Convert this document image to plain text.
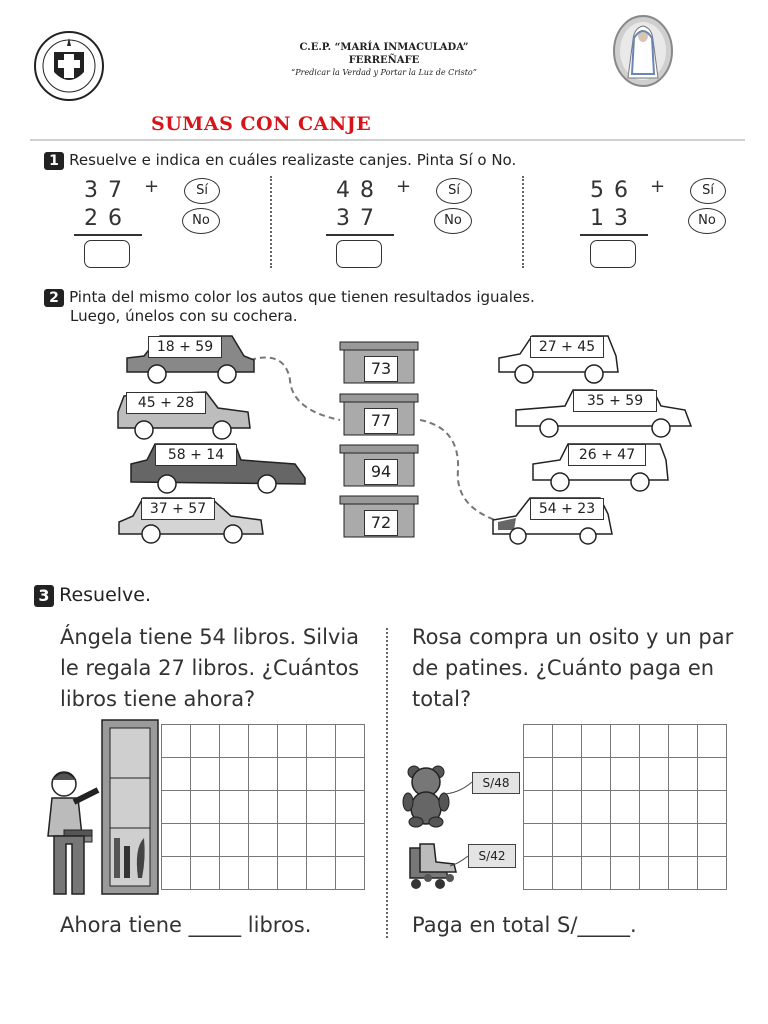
C.E.P. “MARÍA INMACULADA”
FERREÑAFE
“Predicar la Verdad y Portar la Luz de Cristo”
SUMAS CON CANJE
1 Resuelve e indica en cuáles realizaste canjes. Pinta Sí o No.
37 +
26
Sí
No
48 +
37
Sí
No
56 +
13
Sí
No
2 Pinta del mismo color los autos que tienen resultados iguales.
Luego, únelos con su cochera.
18 + 59
45 + 28
58 + 14
37 + 57
73
77
94
72
27 + 45
35 + 59
26 + 47
54 + 23
3 Resuelve.
Ángela tiene 54 libros. Silvia
le regala 27 libros. ¿Cuántos
libros tiene ahora?
Rosa compra un osito y un par
de patines. ¿Cuánto paga en
total?

S/48
S/42

Ahora tiene _____ libros.	Paga en total S/_____.
